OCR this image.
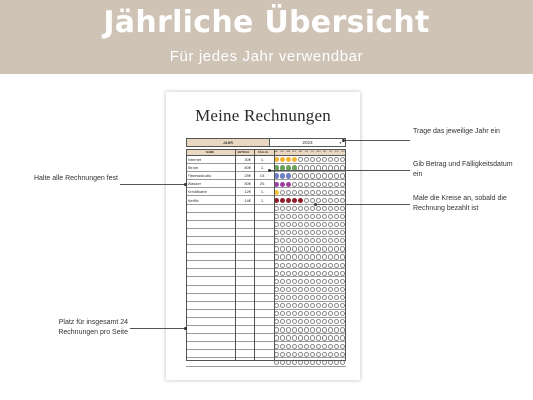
Jährliche Übersicht
Für jedes Jahr verwendbar
Meine Rechnungen
JAHR	2023	▼
NAME	BETRAG	FÄLLIG	JAN	FEB	MÄR	APR	MAI	JUN	JUL	AUG	SEP	OKT	NOV	DEZ
Internet	30€	1.
Strom	80€	1.
Fitnessstudio	25€	15.
Wasser	50€	20.
Kreditkarte	12€	1.
Netflix	14€	1.
Trage das jeweilige Jahr ein
Gib Betrag und Fälligkeitsdatum ein
Male die Kreise an, sobald die Rechnung bezahlt ist
Halte alle Rechnungen fest
Platz für insgesamt 24 Rechnungen pro Seite
